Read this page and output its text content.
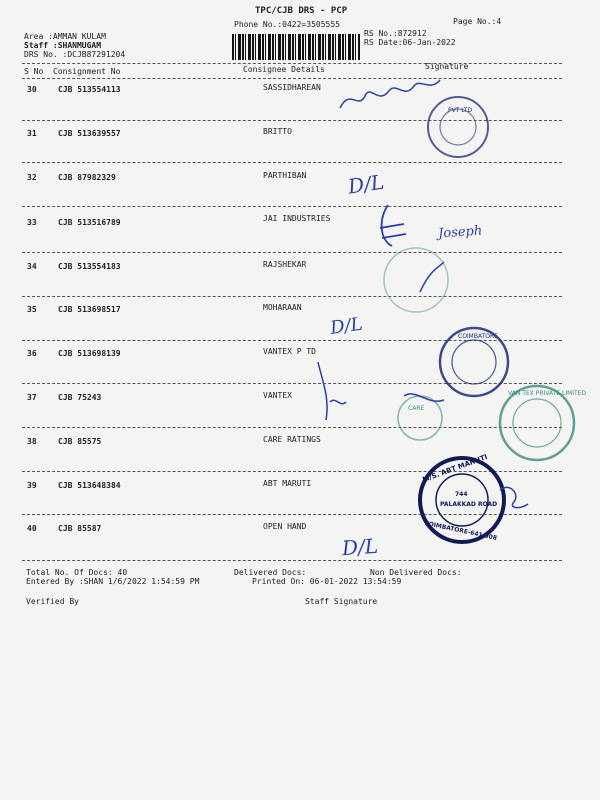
TPC/CJB DRS - PCP
Phone No.:0422=3505555	Page No.:4
Area :AMMAN KULAM
Staff :SHANMUGAM
DRS No. :DCJB87291204
RS No.:872912
RS Date:06-Jan-2022
S No Consignment No	Consignee Details	Signature
30	CJB 513554113	SASSIDHAREAN
31	CJB 513639557	BRITTO
32	CJB 87982329	PARTHIBAN
33	CJB 513516789	JAI INDUSTRIES
34	CJB 513554183	RAJSHEKAR
35	CJB 513698517	MOHARAAN
36	CJB 513698139	VANTEX P TD
37	CJB 75243	VANTEX
38	CJB 85575	CARE RATINGS
39	CJB 513648384	ABT MARUTI
40	CJB 85587	OPEN HAND
Total No. Of Docs: 40	Delivered Docs:	Non Delivered Docs:
Entered By :SHAN 1/6/2022 1:54:59 PM	Printed On: 06-01-2022 13:54:59
Verified By	Staff Signature
PVT LTD
D/L
Joseph
D/L	COIMBATORE
VAN TEX PRIVATE LIMITED
CARE
M/S. ABT MARUTI
744
PALAKKAD ROAD
COIMBATORE-641 008
D/L
